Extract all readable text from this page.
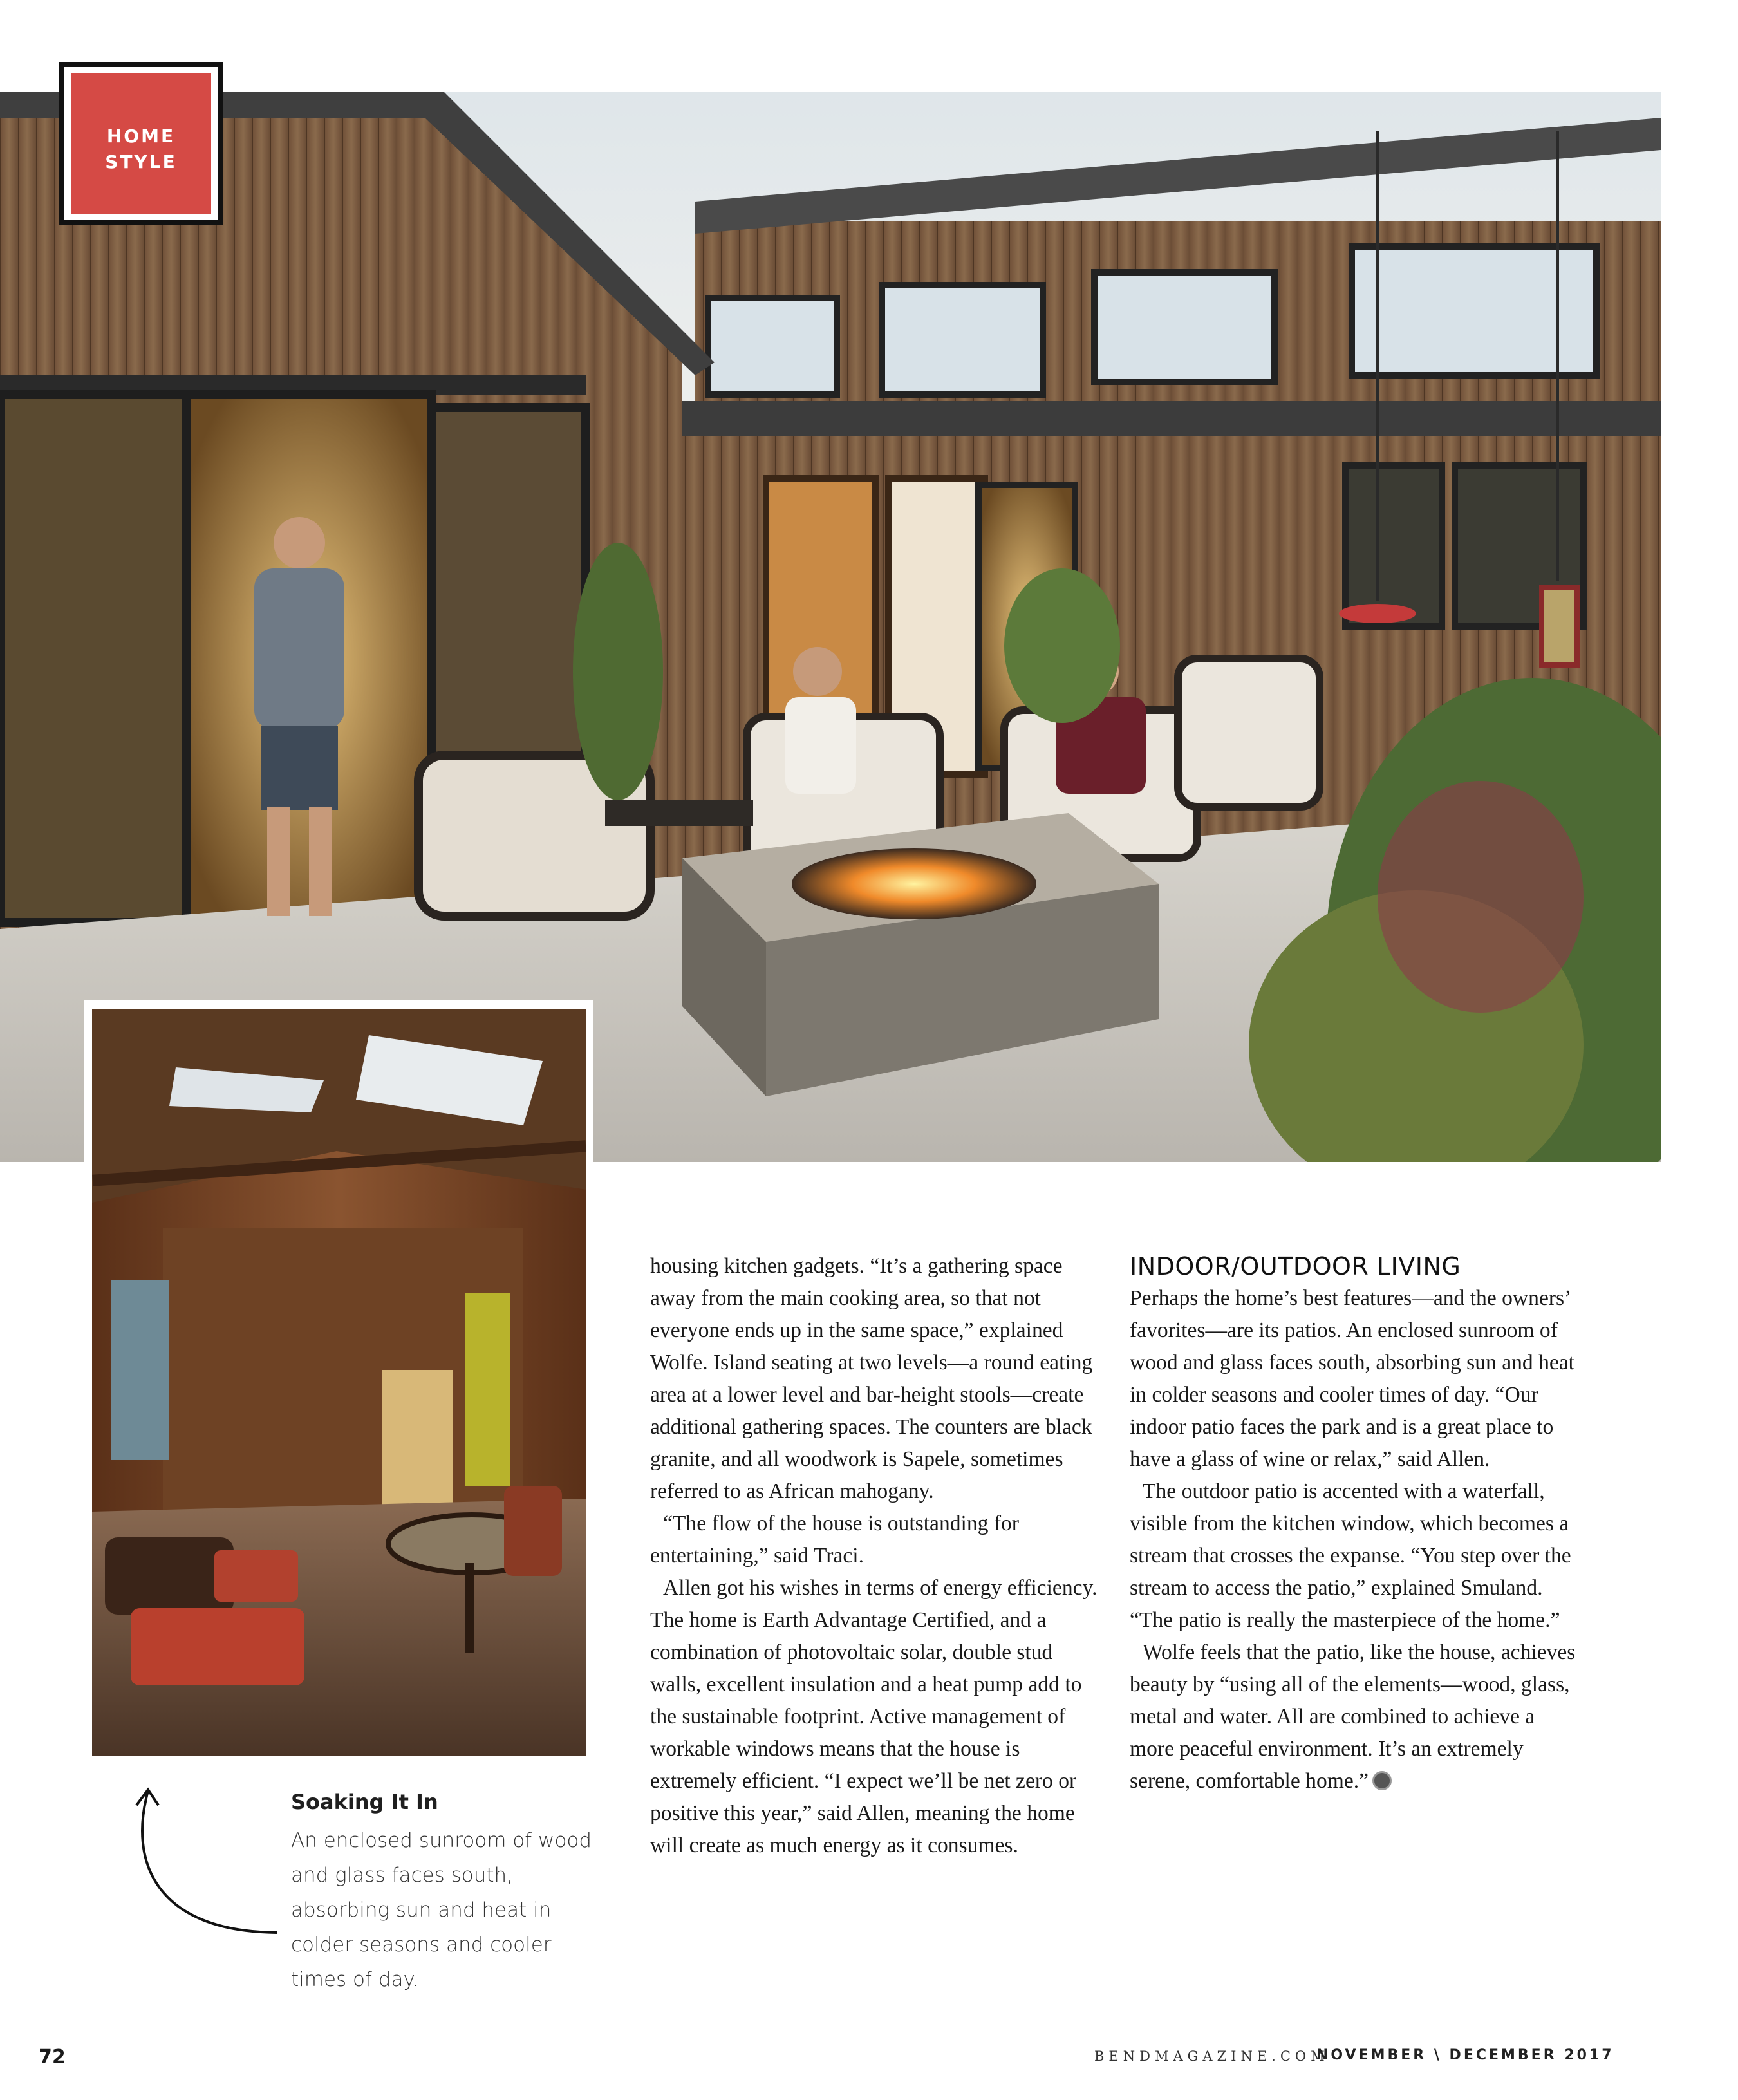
HOME
STYLE
Soaking It In
An enclosed sunroom of wood and glass faces south, absorbing sun and heat in colder seasons and cooler times of day.

housing kitchen gadgets. “It’s a gathering space away from the main cooking area, so that not everyone ends up in the same space,” explained Wolfe. Island seating at two levels—a round eating area at a lower level and bar-height stools—create additional gathering spaces. The counters are black granite, and all woodwork is Sapele, sometimes referred to as African mahogany.

“The flow of the house is outstanding for entertaining,” said Traci.

Allen got his wishes in terms of energy efficiency. The home is Earth Advantage Certified, and a combination of photovoltaic solar, double stud walls, excellent insulation and a heat pump add to the sustainable footprint. Active management of workable windows means that the house is extremely efficient. “I expect we’ll be net zero or positive this year,” said Allen, meaning the home will create as much energy as it consumes.

INDOOR/OUTDOOR LIVING

Perhaps the home’s best features—and the owners’ favorites—are its patios. An enclosed sunroom of wood and glass faces south, absorbing sun and heat in colder seasons and cooler times of day. “Our indoor patio faces the park and is a great place to have a glass of wine or relax,” said Allen.

The outdoor patio is accented with a waterfall, visible from the kitchen window, which becomes a stream that crosses the expanse. “You step over the stream to access the patio,” explained Smuland. “The patio is really the masterpiece of the home.”

Wolfe feels that the patio, like the house, achieves beauty by “using all of the elements—wood, glass, metal and water. All are combined to achieve a more peaceful environment. It’s an extremely serene, comfortable home.”

72	BENDMAGAZINE.COM
NOVEMBER \ DECEMBER 2017
